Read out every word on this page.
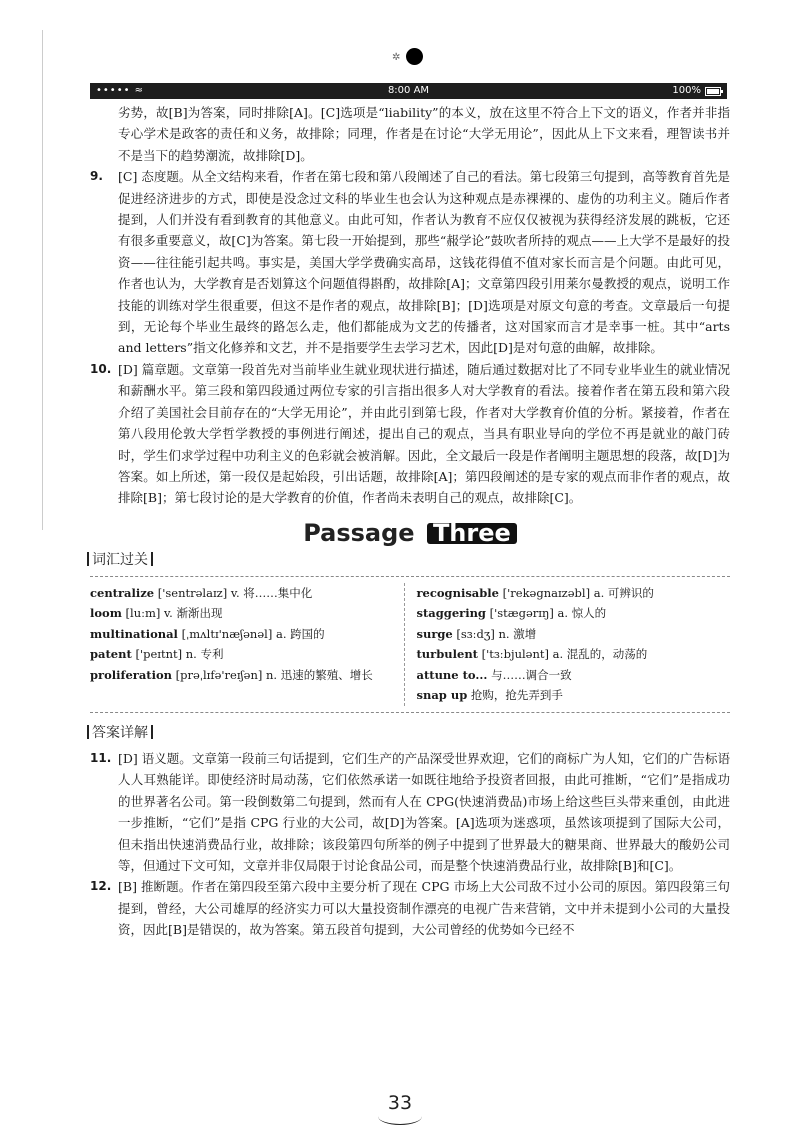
✲
••••• ≈	8:00 AM	100%

劣势，故[B]为答案，同时排除[A]。[C]选项是“liability”的本义，放在这里不符合上下文的语义，作者并非指专心学术是政客的责任和义务，故排除；同理，作者是在讨论“大学无用论”，因此从上下文来看，理智读书并不是当下的趋势潮流，故排除[D]。

9.	[C] 态度题。从全文结构来看，作者在第七段和第八段阐述了自己的看法。第七段第三句提到，高等教育首先是促进经济进步的方式，即使是没念过文科的毕业生也会认为这种观点是赤裸裸的、虚伪的功利主义。随后作者提到，人们并没有看到教育的其他意义。由此可知，作者认为教育不应仅仅被视为获得经济发展的跳板，它还有很多重要意义，故[C]为答案。第七段一开始提到，那些“赧学论”鼓吹者所持的观点——上大学不是最好的投资——往往能引起共鸣。事实是，美国大学学费确实高昂，这钱花得值不值对家长而言是个问题。由此可见，作者也认为，大学教育是否划算这个问题值得斟酌，故排除[A]；文章第四段引用莱尔曼教授的观点，说明工作技能的训练对学生很重要，但这不是作者的观点，故排除[B]；[D]选项是对原文句意的考查。文章最后一句提到，无论每个毕业生最终的路怎么走，他们都能成为文艺的传播者，这对国家而言才是幸事一桩。其中“arts and letters”指文化修养和文艺，并不是指要学生去学习艺术，因此[D]是对句意的曲解，故排除。
10. [D] 篇章题。文章第一段首先对当前毕业生就业现状进行描述，随后通过数据对比了不同专业毕业生的就业情况和薪酬水平。第三段和第四段通过两位专家的引言指出很多人对大学教育的看法。接着作者在第五段和第六段介绍了美国社会目前存在的“大学无用论”，并由此引到第七段，作者对大学教育价值的分析。紧接着，作者在第八段用伦敦大学哲学教授的事例进行阐述，提出自己的观点，当具有职业导向的学位不再是就业的敲门砖时，学生们求学过程中功利主义的色彩就会被消解。因此，全文最后一段是作者阐明主题思想的段落，故[D]为答案。如上所述，第一段仅是起始段，引出话题，故排除[A]；第四段阐述的是专家的观点而非作者的观点，故排除[B]；第七段讨论的是大学教育的价值，作者尚未表明自己的观点，故排除[C]。
Passage Three
词汇过关
centralize ['sentrəlaɪz] v. 将……集中化
loom [luːm] v. 渐渐出现
multinational [ˌmʌltɪ'næʃənəl] a. 跨国的
patent ['peɪtnt] n. 专利
proliferation [prəˌlɪfə'reɪʃən] n. 迅速的繁殖、增长
recognisable ['rekəgnaɪzəbl] a. 可辨识的
staggering ['stægərɪŋ] a. 惊人的
surge [sɜːdʒ] n. 激增
turbulent ['tɜːbjulənt] a. 混乱的，动荡的
attune to... 与……调合一致
snap up 抢购，抢先弄到手
答案详解
11. [D] 语义题。文章第一段前三句话提到，它们生产的产品深受世界欢迎，它们的商标广为人知，它们的广告标语人人耳熟能详。即使经济时局动荡，它们依然承诺一如既往地给予投资者回报，由此可推断，“它们”是指成功的世界著名公司。第一段倒数第二句提到，然而有人在 CPG(快速消费品)市场上给这些巨头带来重创，由此进一步推断，“它们”是指 CPG 行业的大公司，故[D]为答案。[A]选项为迷惑项，虽然该项提到了国际大公司，但未指出快速消费品行业，故排除；该段第四句所举的例子中提到了世界最大的糖果商、世界最大的酸奶公司等，但通过下文可知，文章并非仅局限于讨论食品公司，而是整个快速消费品行业，故排除[B]和[C]。
12. [B] 推断题。作者在第四段至第六段中主要分析了现在 CPG 市场上大公司敌不过小公司的原因。第四段第三句提到，曾经，大公司雄厚的经济实力可以大量投资制作漂亮的电视广告来营销，文中并未提到小公司的大量投资，因此[B]是错误的，故为答案。第五段首句提到，大公司曾经的优势如今已经不
33
